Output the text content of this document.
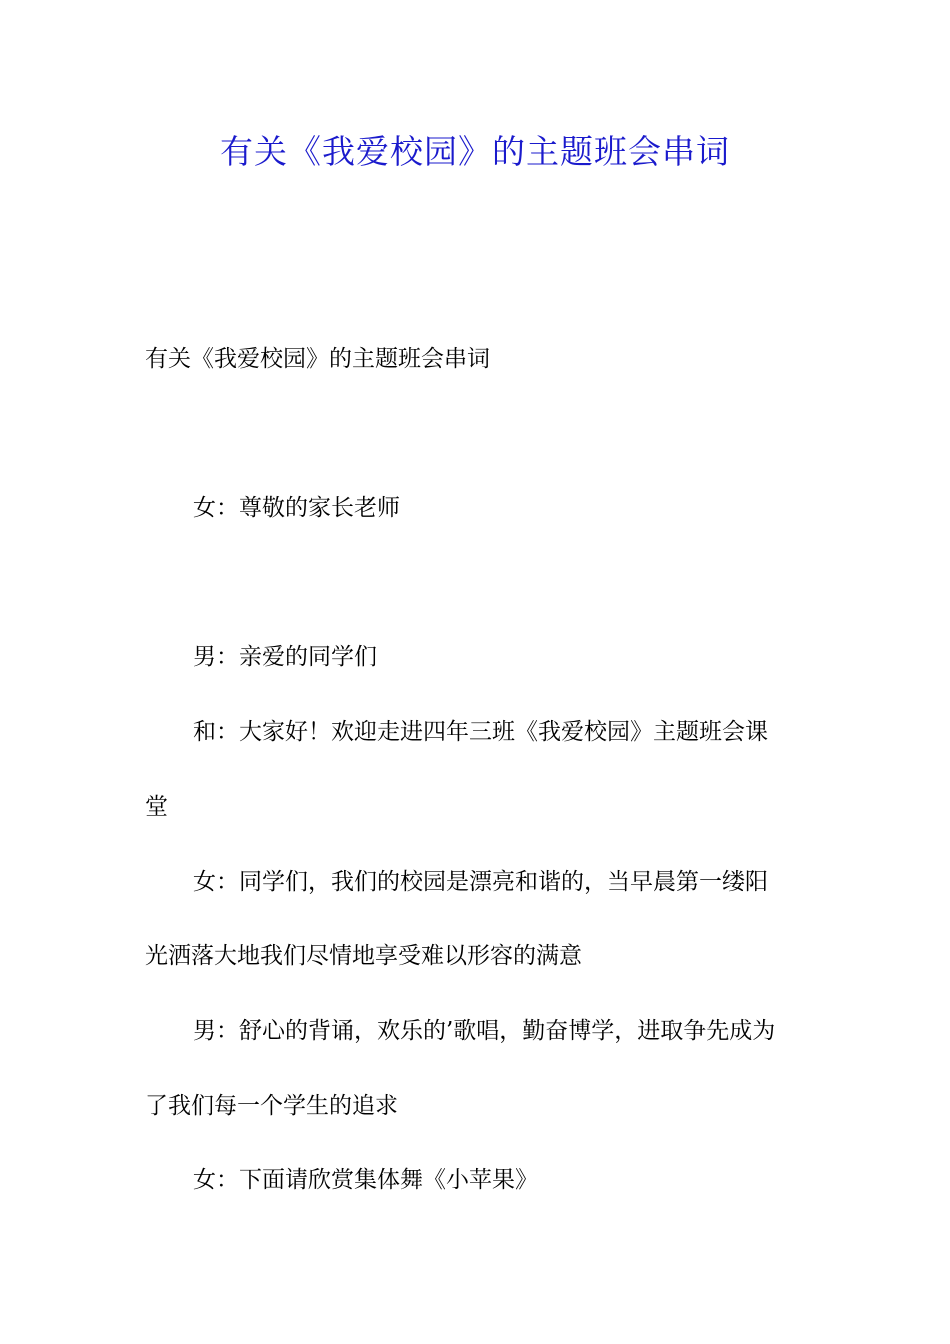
有关《我爱校园》的主题班会串词
有关《我爱校园》的主题班会串词
女：尊敬的家长老师
男：亲爱的同学们
和：大家好！欢迎走进四年三班《我爱校园》主题班会课
堂
女：同学们，我们的校园是漂亮和谐的，当早晨第一缕阳
光洒落大地我们尽情地享受难以形容的满意
男：舒心的背诵，欢乐的’歌唱，勤奋博学，进取争先成为
了我们每一个学生的追求
女：下面请欣赏集体舞《小苹果》
